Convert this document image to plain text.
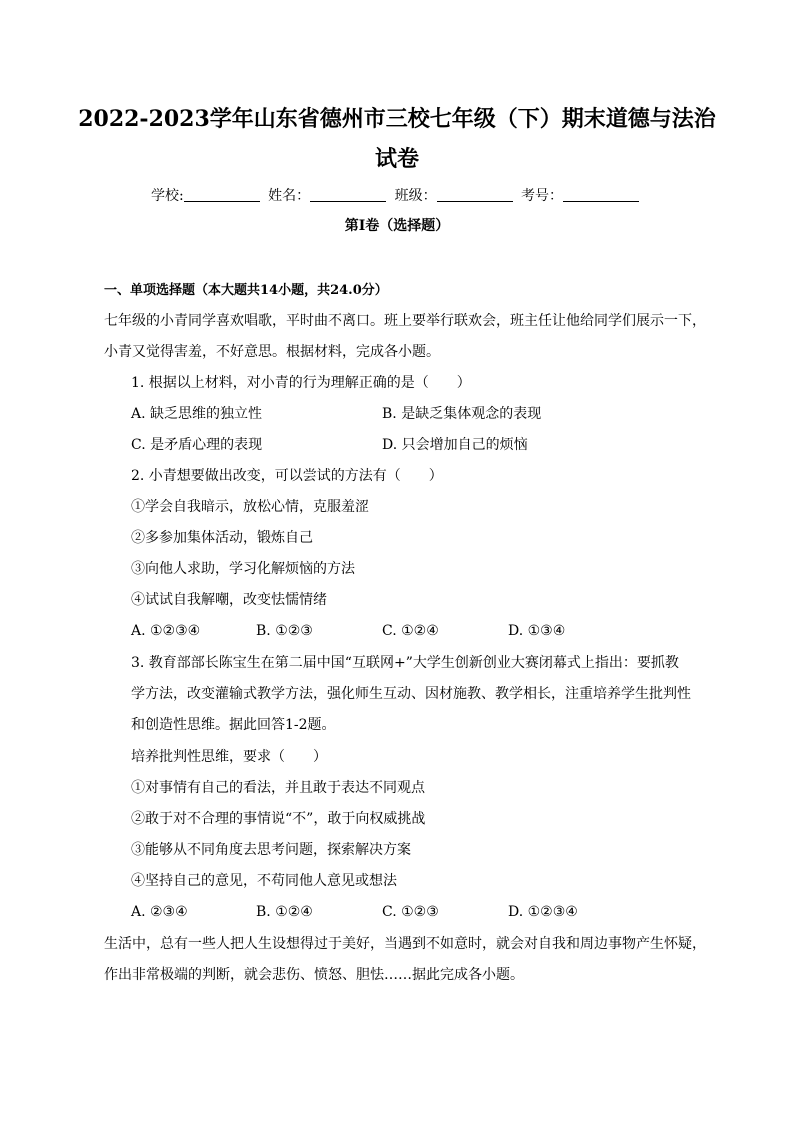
2022-2023学年山东省德州市三校七年级（下）期末道德与法治
试卷
学校:	姓名：	班级：	考号：
第I卷（选择题）
一、单项选择题（本大题共14小题，共24.0分）
七年级的小青同学喜欢唱歌，平时曲不离口。班上要举行联欢会，班主任让他给同学们展示一下，
小青又觉得害羞，不好意思。根据材料，完成各小题。
1. 根据以上材料，对小青的行为理解正确的是（　　）
A. 缺乏思维的独立性	B. 是缺乏集体观念的表现
C. 是矛盾心理的表现	D. 只会增加自己的烦恼
2. 小青想要做出改变，可以尝试的方法有（　　）
①学会自我暗示，放松心情，克服羞涩
②多参加集体活动，锻炼自己
③向他人求助，学习化解烦恼的方法
④试试自我解嘲，改变怯懦情绪
A. ①②③④	B. ①②③	C. ①②④	D. ①③④
3. 教育部部长陈宝生在第二届中国“互联网+”大学生创新创业大赛闭幕式上指出：要抓教
学方法，改变灌输式教学方法，强化师生互动、因材施教、教学相长，注重培养学生批判性
和创造性思维。据此回答1-2题。
培养批判性思维，要求（　　）
①对事情有自己的看法，并且敢于表达不同观点
②敢于对不合理的事情说“不”，敢于向权威挑战
③能够从不同角度去思考问题，探索解决方案
④坚持自己的意见，不苟同他人意见或想法
A. ②③④	B. ①②④	C. ①②③	D. ①②③④
生活中，总有一些人把人生设想得过于美好，当遇到不如意时，就会对自我和周边事物产生怀疑，
作出非常极端的判断，就会悲伤、愤怒、胆怯……据此完成各小题。
